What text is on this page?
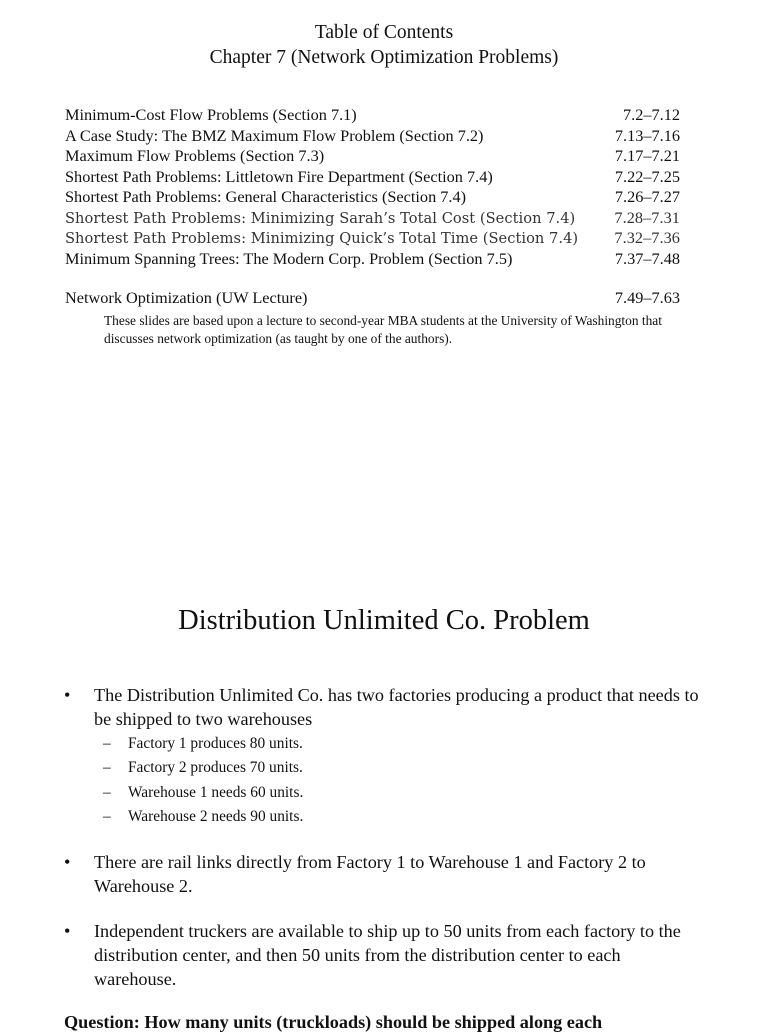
Table of Contents
Chapter 7 (Network Optimization Problems)
Minimum-Cost Flow Problems (Section 7.1)	7.2–7.12
A Case Study: The BMZ Maximum Flow Problem (Section 7.2)	7.13–7.16
Maximum Flow Problems (Section 7.3)	7.17–7.21
Shortest Path Problems: Littletown Fire Department (Section 7.4)	7.22–7.25
Shortest Path Problems: General Characteristics (Section 7.4)	7.26–7.27
Shortest Path Problems: Minimizing Sarah’s Total Cost (Section 7.4) 7.28–7.31
Shortest Path Problems: Minimizing Quick’s Total Time (Section 7.4) 7.32–7.36
Minimum Spanning Trees: The Modern Corp. Problem (Section 7.5)	7.37–7.48
Network Optimization (UW Lecture)	7.49–7.63
These slides are based upon a lecture to second-year MBA students at the University of Washington that discusses network optimization (as taught by one of the authors).
Distribution Unlimited Co. Problem
•	The Distribution Unlimited Co. has two factories producing a product that needs to be shipped to two warehouses
–	Factory 1 produces 80 units.
–	Factory 2 produces 70 units.
–	Warehouse 1 needs 60 units.
–	Warehouse 2 needs 90 units.
•	There are rail links directly from Factory 1 to Warehouse 1 and Factory 2 to Warehouse 2.
•	Independent truckers are available to ship up to 50 units from each factory to the distribution center, and then 50 units from the distribution center to each warehouse.
Question: How many units (truckloads) should be shipped along each
